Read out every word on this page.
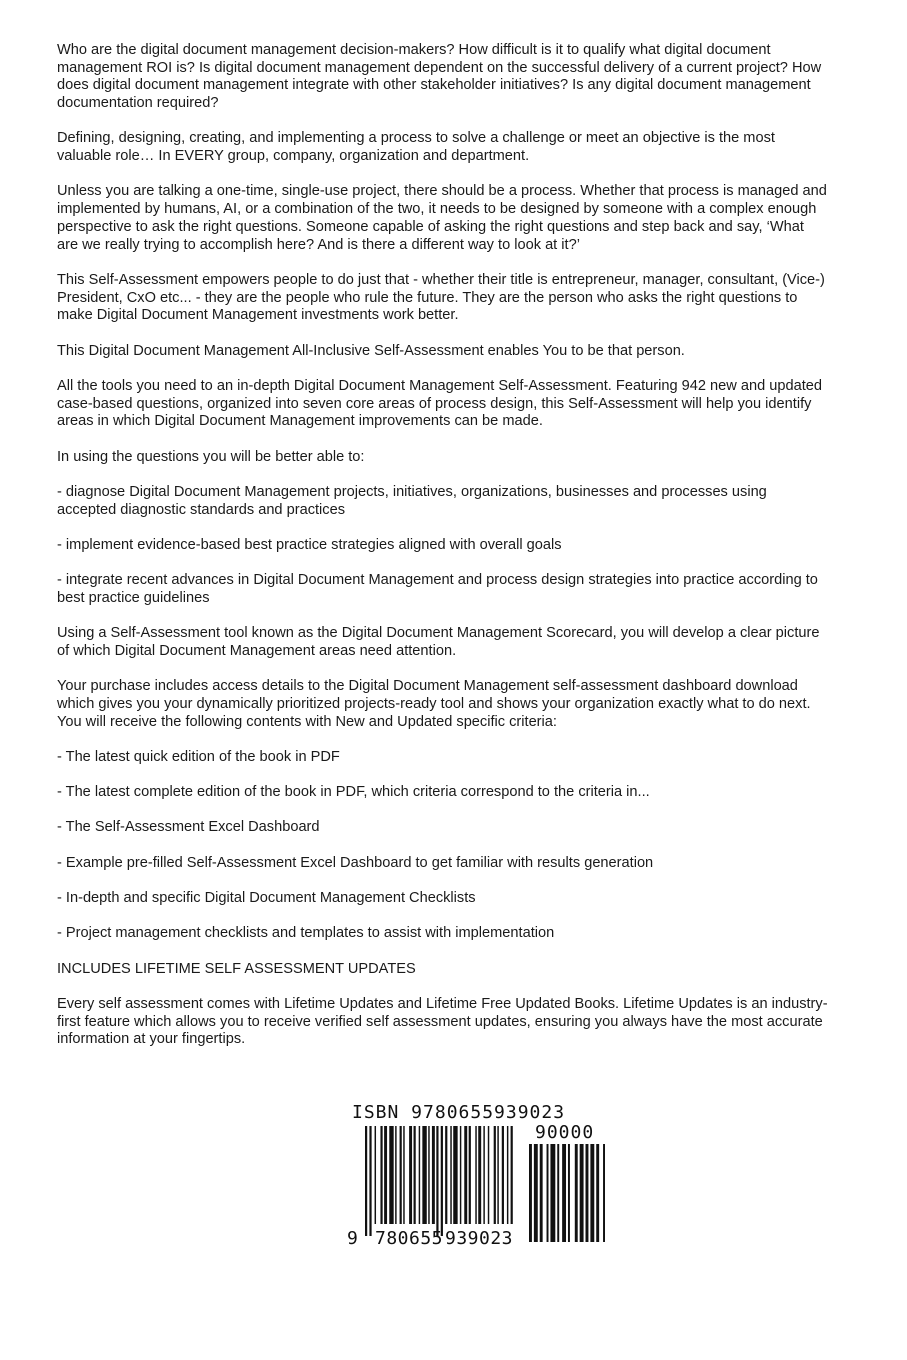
Who are the digital document management decision-makers? How difficult is it to qualify what digital document management ROI is? Is digital document management dependent on the successful delivery of a current project? How does digital document management integrate with other stakeholder initiatives? Is any digital document management documentation required?

Defining, designing, creating, and implementing a process to solve a challenge or meet an objective is the most valuable role… In EVERY group, company, organization and department.

Unless you are talking a one-time, single-use project, there should be a process. Whether that process is managed and implemented by humans, AI, or a combination of the two, it needs to be designed by someone with a complex enough perspective to ask the right questions. Someone capable of asking the right questions and step back and say, ‘What are we really trying to accomplish here? And is there a different way to look at it?’

This Self-Assessment empowers people to do just that - whether their title is entrepreneur, manager, consultant, (Vice-) President, CxO etc... - they are the people who rule the future. They are the person who asks the right questions to make Digital Document Management investments work better.

This Digital Document Management All-Inclusive Self-Assessment enables You to be that person.

All the tools you need to an in-depth Digital Document Management Self-Assessment. Featuring 942 new and updated case-based questions, organized into seven core areas of process design, this Self-Assessment will help you identify areas in which Digital Document Management improvements can be made.

In using the questions you will be better able to:

- diagnose Digital Document Management projects, initiatives, organizations, businesses and processes using accepted diagnostic standards and practices

- implement evidence-based best practice strategies aligned with overall goals

- integrate recent advances in Digital Document Management and process design strategies into practice according to best practice guidelines

Using a Self-Assessment tool known as the Digital Document Management Scorecard, you will develop a clear picture of which Digital Document Management areas need attention.

Your purchase includes access details to the Digital Document Management self-assessment dashboard download which gives you your dynamically prioritized projects-ready tool and shows your organization exactly what to do next. You will receive the following contents with New and Updated specific criteria:

- The latest quick edition of the book in PDF

- The latest complete edition of the book in PDF, which criteria correspond to the criteria in...

- The Self-Assessment Excel Dashboard

- Example pre-filled Self-Assessment Excel Dashboard to get familiar with results generation

- In-depth and specific Digital Document Management Checklists

- Project management checklists and templates to assist with implementation

INCLUDES LIFETIME SELF ASSESSMENT UPDATES

Every self assessment comes with Lifetime Updates and Lifetime Free Updated Books. Lifetime Updates is an industry-first feature which allows you to receive verified self assessment updates, ensuring you always have the most accurate information at your fingertips.

ISBN 9780655939023
90000
9 780655 939023
